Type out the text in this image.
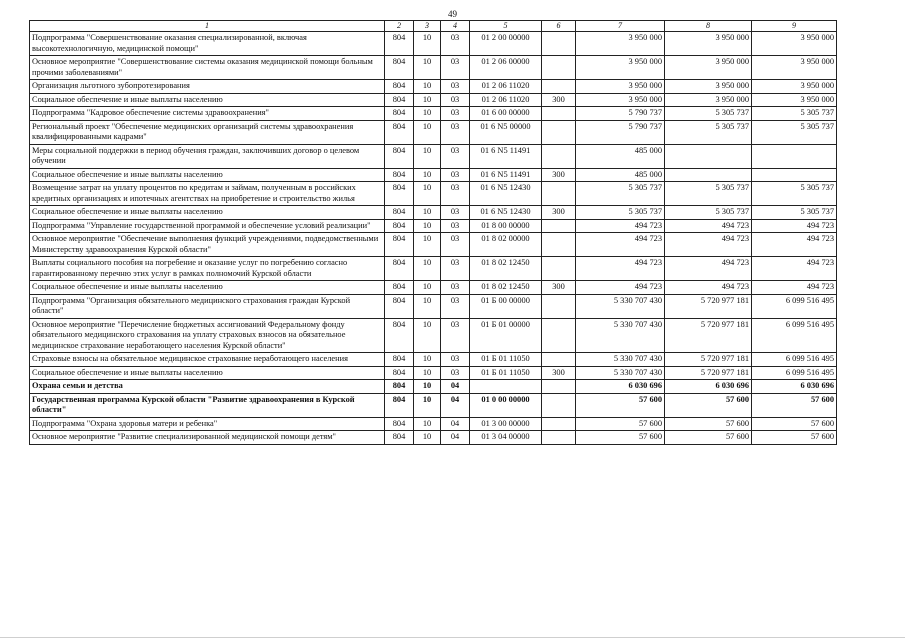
49
1	2	3	4	5	6	7	8	9
Подпрограмма "Совершенствование оказания специализированной, включая высокотехнологичную, медицинской помощи"	804	10	03	01 2 00 00000		3 950 000	3 950 000	3 950 000
Основное мероприятие "Совершенствование системы оказания медицинской помощи больным прочими заболеваниями"	804	10	03	01 2 06 00000		3 950 000	3 950 000	3 950 000
Организация льготного зубопротезирования	804	10	03	01 2 06 11020		3 950 000	3 950 000	3 950 000
Социальное обеспечение и иные выплаты населению	804	10	03	01 2 06 11020	300	3 950 000	3 950 000	3 950 000
Подпрограмма "Кадровое обеспечение системы здравоохранения"	804	10	03	01 6 00 00000		5 790 737	5 305 737	5 305 737
Региональный проект "Обеспечение медицинских организаций системы здравоохранения квалифицированными кадрами"	804	10	03	01 6 N5 00000		5 790 737	5 305 737	5 305 737
Меры социальной поддержки в период обучения граждан, заключивших договор о целевом обучении	804	10	03	01 6 N5 11491		485 000		
Социальное обеспечение и иные выплаты населению	804	10	03	01 6 N5 11491	300	485 000		
Возмещение затрат на уплату процентов по кредитам и займам, полученным в российских кредитных организациях и ипотечных агентствах на приобретение и строительство жилья	804	10	03	01 6 N5 12430		5 305 737	5 305 737	5 305 737
Социальное обеспечение и иные выплаты населению	804	10	03	01 6 N5 12430	300	5 305 737	5 305 737	5 305 737
Подпрограмма "Управление государственной программой и обеспечение условий реализации"	804	10	03	01 8 00 00000		494 723	494 723	494 723
Основное мероприятие "Обеспечение выполнения функций учреждениями, подведомственными Министерству здравоохранения Курской области"	804	10	03	01 8 02 00000		494 723	494 723	494 723
Выплаты социального пособия на погребение и оказание услуг по погребению согласно гарантированному перечню этих услуг в рамках полномочий Курской области	804	10	03	01 8 02 12450		494 723	494 723	494 723
Социальное обеспечение и иные выплаты населению	804	10	03	01 8 02 12450	300	494 723	494 723	494 723
Подпрограмма "Организация обязательного медицинского страхования граждан Курской области"	804	10	03	01 Б 00 00000		5 330 707 430	5 720 977 181	6 099 516 495
Основное мероприятие "Перечисление бюджетных ассигнований Федеральному фонду обязательного медицинского страхования на уплату страховых взносов на обязательное медицинское страхование неработающего населения Курской области"	804	10	03	01 Б 01 00000		5 330 707 430	5 720 977 181	6 099 516 495
Страховые взносы на обязательное медицинское страхование неработающего населения	804	10	03	01 Б 01 11050		5 330 707 430	5 720 977 181	6 099 516 495
Социальное обеспечение и иные выплаты населению	804	10	03	01 Б 01 11050	300	5 330 707 430	5 720 977 181	6 099 516 495
Охрана семьи и детства	804	10	04			6 030 696	6 030 696	6 030 696
Государственная программа Курской области "Развитие здравоохранения в Курской области"	804	10	04	01 0 00 00000		57 600	57 600	57 600
Подпрограмма "Охрана здоровья матери и ребенка"	804	10	04	01 3 00 00000		57 600	57 600	57 600
Основное мероприятие "Развитие специализированной медицинской помощи детям"	804	10	04	01 3 04 00000		57 600	57 600	57 600
